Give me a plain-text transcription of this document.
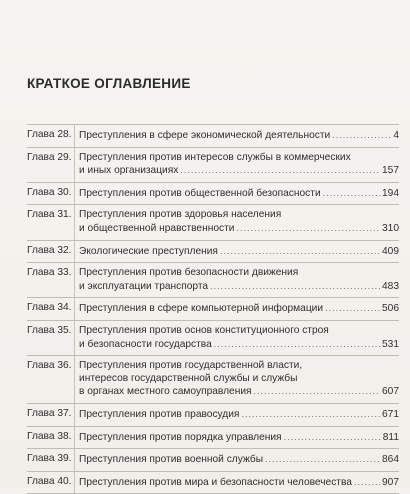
КРАТКОЕ ОГЛАВЛЕНИЕ
Глава 28. Преступления в сфере экономической деятельности .....	4
Глава 29. Преступления против интересов службы в коммерческих
и иных организациях .....	157
Глава 30. Преступления против общественной безопасности .....	194
Глава 31. Преступления против здоровья населения
и общественной нравственности .....	310
Глава 32. Экологические преступления .....	409
Глава 33. Преступления против безопасности движения
и эксплуатации транспорта .....	483
Глава 34. Преступления в сфере компьютерной информации .....	506
Глава 35. Преступления против основ конституционного строя
и безопасности государства .....	531
Глава 36. Преступления против государственной власти,
интересов государственной службы и службы
в органах местного самоуправления .....	607
Глава 37. Преступления против правосудия .....	671
Глава 38. Преступления против порядка управления .....	811
Глава 39. Преступления против военной службы .....	864
Глава 40. Преступления против мира и безопасности человечества .....	907
